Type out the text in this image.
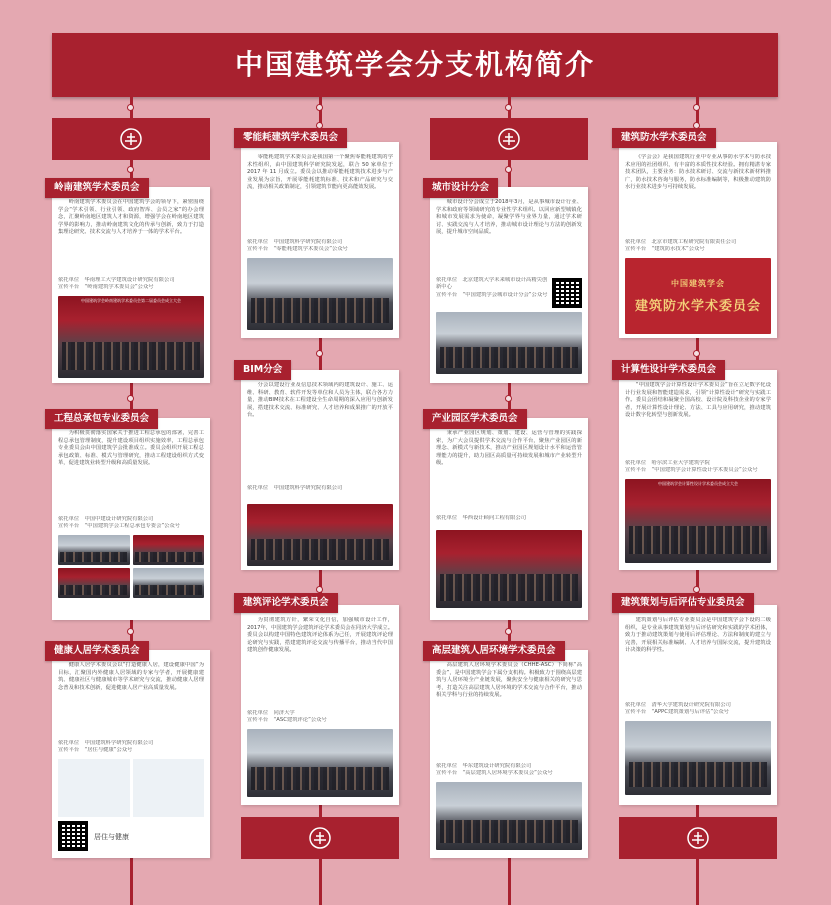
中国建筑学会分支机构简介
岭南建筑学术委员会在中国建筑学会的领导下，紧密围绕学会“学术引领、行业引领、政府智库、会员之家”的办会理念，汇聚岭南地区建筑人才和资源，增强学会在岭南地区建筑学界的影响力，推动岭南建筑文化的传承与创新，致力于打造集理论研究、技术交流与人才培养于一体的学术平台。

依托单位　华南理工大学建筑设计研究院有限公司

宣传平台　“岭南建筑学术委员会”公众号

中国建筑学会岭南建筑学术委员会第二届委员会成立大会
岭南建筑学术委员会
为积极贯彻落实国家关于推进工程总承包的部署，完善工程总承包管理制度，提升建设项目组织实施效率，工程总承包专业委员会由中国建筑学会批准成立。委员会组织开展工程总承包政策、标准、模式与管理研究，推动工程建设组织方式变革，促进建筑业转型升级和高质量发展。

依托单位　中国中建设计研究院有限公司

宣传平台　“中国建筑学会工程总承包专委会”公众号

工程总承包专业委员会
健康人居学术委员会以“打造健康人居，建设健康中国”为目标，汇聚国内外健康人居领域的专家与学者，开展健康建筑、健康社区与健康城市等学术研究与交流，推动健康人居理念普及和技术创新，促进健康人居产业高质量发展。

依托单位　中国建筑科学研究院有限公司

宣传平台　“居住与健康”公众号

居住与健康
健康人居学术委员会
零能耗建筑学术委员会是我国第一个聚焦零能耗建筑的学术性组织，由中国建筑科学研究院发起，联合 50 家单位于 2017 年 11 月成立。委员会以推动零能耗建筑技术进步与产业发展为宗旨，开展零能耗建筑标准、技术和产品研究与交流，推动相关政策制定，引领建筑节能向更高能效发展。

依托单位　中国建筑科学研究院有限公司

宣传平台　“零能耗建筑学术委员会”公众号

零能耗建筑学术委员会
分会以建设行业及信息技术领域内的建筑设计、施工、运维、科研、教育、软件开发等单位和人员为主体，联合各方力量，推动BIM技术在工程建设全生命周期的深入应用与创新发展，搭建技术交流、标准研究、人才培养和成果推广的开放平台。

依托单位　中国建筑科学研究院有限公司

BIM分会
为贯彻建筑方针，繁荣文化自信，加强城市设计工作，2017年，中国建筑学会建筑评论学术委员会在同济大学成立。委员会以构建中国特色建筑评论体系为己任，开展建筑评论理论研究与实践，搭建建筑评论交流与传播平台，推动当代中国建筑创作健康发展。

依托单位　同济大学

宣传平台　“ASC建筑评论”公众号

建筑评论学术委员会
城市设计分会成立于2018年3月，是从事城市设计行业、学术和政府等领域研究的专业性学术组织。以回应新型城镇化和城市发展需求为使命，凝聚学界与业界力量，通过学术研讨、实践交流与人才培养，推动城市设计理论与方法的创新发展，提升城市空间品质。

依托单位　北京建筑大学未来城市设计高精尖创新中心

宣传平台　“中国建筑学会城市设计分会”公众号

城市设计分会
秉承产业园区规划、策划、建设、运营与管理的实践探索，为广大会员提供学术交流与合作平台，聚焦产业园区的新理念、新模式与新技术，推动产业园区规划设计水平和运营管理能力的提升，助力园区高质量可持续发展和城市产业转型升级。

依托单位　华西设计顾问工程有限公司

产业园区学术委员会
高层建筑人居环境学术委员会（CHHE-ASC）下简称“高委会”，是中国建筑学会下属分支机构。积极致力于围绕高层建筑与人居环境全产业链发展，聚焦安全与健康相关的研究与思考，打造关注高层建筑人居环境的学术交流与合作平台，推动相关学科与行业的持续发展。

依托单位　华东建筑设计研究院有限公司

宣传平台　“高层建筑人居环境学术委员会”公众号

高层建筑人居环境学术委员会
《学会会》是我国建筑行业中专业从事防水学术与防水技术应用的社团组织，有丰富的本质性技术经验。拥有精湛专家技术团队，主要业务：防水技术研讨、交流与新技术新材料推广，防水技术咨询与服务，防水标准编制等，积极推动建筑防水行业技术进步与可持续发展。

依托单位　北京市建筑工程研究院有限责任公司

宣传平台　“建筑防水技术”公众号

中国建筑学会
建筑防水学术委员会
建筑防水学术委员会
“中国建筑学会计算性设计学术委员会”旨在立足数字化设计行业发展和智能建造需求，引领“计算性设计”研究与实践工作。委员会团结和凝聚全国高校、设计院及科技企业的专家学者，开展计算性设计理论、方法、工具与应用研究，推动建筑设计数字化转型与创新发展。

依托单位　哈尔滨工业大学建筑学院

宣传平台　“中国建筑学会计算性设计学术委员会”公众号

中国建筑学会计算性设计学术委员会成立大会
计算性设计学术委员会
建筑策划与后评估专业委员会是中国建筑学会下设的二级组织，是专业从事建筑策划与后评估研究和实践的学术团体，致力于推动建筑策划与使用后评估理论、方法和制度的建立与完善，开展相关标准编制、人才培养与国际交流，提升建筑设计决策的科学性。

依托单位　清华大学建筑设计研究院有限公司

宣传平台　“APPC建筑策划与后评估”公众号

建筑策划与后评估专业委员会
